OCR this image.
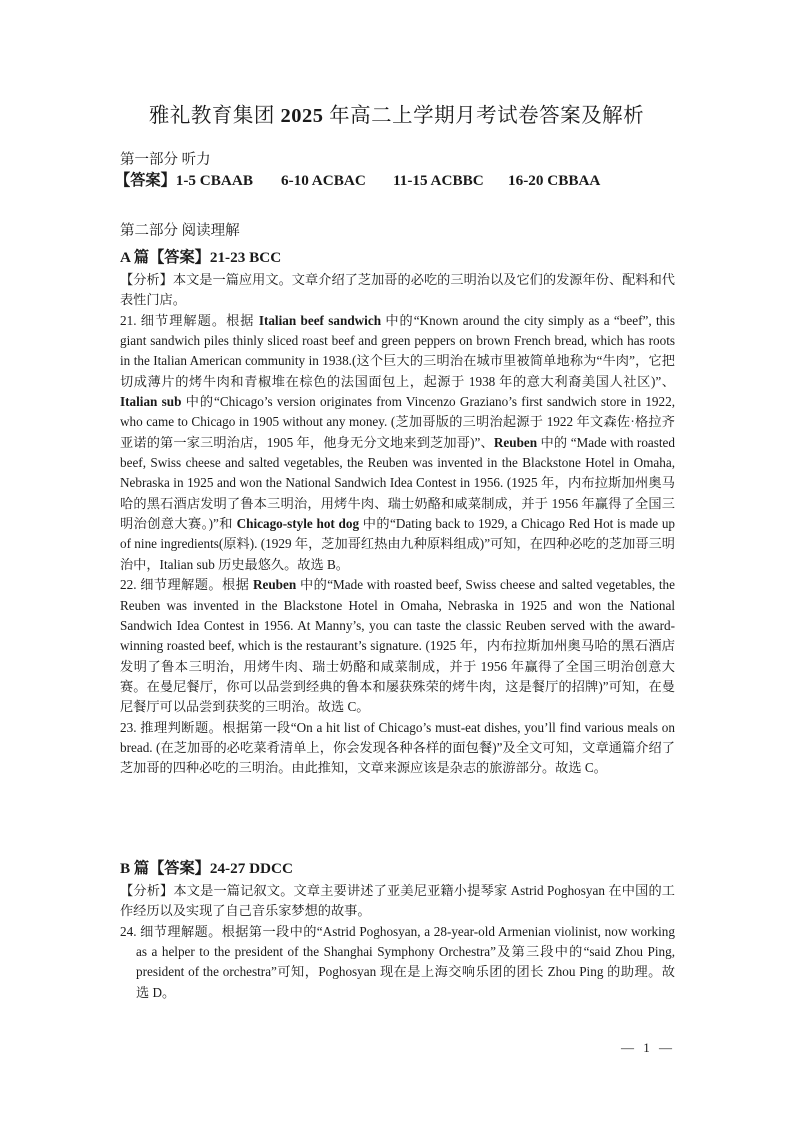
雅礼教育集团 2025 年高二上学期月考试卷答案及解析
第一部分 听力
【答案】1-5 CBAAB 6-10 ACBAC 11-15 ACBBC 16-20 CBBAA
第二部分 阅读理解
A 篇【答案】21-23 BCC

【分析】本文是一篇应用文。文章介绍了芝加哥的必吃的三明治以及它们的发源年份、配料和代表性门店。

21. 细节理解题。根据 Italian beef sandwich 中的“Known around the city simply as a “beef”, this giant sandwich piles thinly sliced roast beef and green peppers on brown French bread, which has roots in the Italian American community in 1938.(这个巨大的三明治在城市里被简单地称为“牛肉”，它把切成薄片的烤牛肉和青椒堆在棕色的法国面包上，起源于 1938 年的意大利裔美国人社区)”、Italian sub 中的“Chicago’s version originates from Vincenzo Graziano’s first sandwich store in 1922, who came to Chicago in 1905 without any money. (芝加哥版的三明治起源于 1922 年文森佐·格拉齐亚诺的第一家三明治店，1905 年，他身无分文地来到芝加哥)”、Reuben 中的 “Made with roasted beef, Swiss cheese and salted vegetables, the Reuben was invented in the Blackstone Hotel in Omaha, Nebraska in 1925 and won the National Sandwich Idea Contest in 1956. (1925 年，内布拉斯加州奥马哈的黑石酒店发明了鲁本三明治，用烤牛肉、瑞士奶酪和咸菜制成，并于 1956 年赢得了全国三明治创意大赛。)”和 Chicago-style hot dog 中的“Dating back to 1929, a Chicago Red Hot is made up of nine ingredients(原料). (1929 年，芝加哥红热由九种原料组成)”可知，在四种必吃的芝加哥三明治中，Italian sub 历史最悠久。故选 B。

22. 细节理解题。根据 Reuben 中的“Made with roasted beef, Swiss cheese and salted vegetables, the Reuben was invented in the Blackstone Hotel in Omaha, Nebraska in 1925 and won the National Sandwich Idea Contest in 1956. At Manny’s, you can taste the classic Reuben served with the award-winning roasted beef, which is the restaurant’s signature. (1925 年，内布拉斯加州奥马哈的黑石酒店发明了鲁本三明治，用烤牛肉、瑞士奶酪和咸菜制成，并于 1956 年赢得了全国三明治创意大赛。在曼尼餐厅，你可以品尝到经典的鲁本和屡获殊荣的烤牛肉，这是餐厅的招牌)”可知，在曼尼餐厅可以品尝到获奖的三明治。故选 C。

23. 推理判断题。根据第一段“On a hit list of Chicago’s must-eat dishes, you’ll find various meals on bread. (在芝加哥的必吃菜肴清单上，你会发现各种各样的面包餐)”及全文可知，文章通篇介绍了芝加哥的四种必吃的三明治。由此推知，文章来源应该是杂志的旅游部分。故选 C。

B 篇【答案】24-27 DDCC

【分析】本文是一篇记叙文。文章主要讲述了亚美尼亚籍小提琴家 Astrid Poghosyan 在中国的工作经历以及实现了自己音乐家梦想的故事。

24. 细节理解题。根据第一段中的“Astrid Poghosyan, a 28-year-old Armenian violinist, now working as a helper to the president of the Shanghai Symphony Orchestra”及第三段中的“said Zhou Ping, president of the orchestra”可知，Poghosyan 现在是上海交响乐团的团长 Zhou Ping 的助理。故选 D。

— 1 —
